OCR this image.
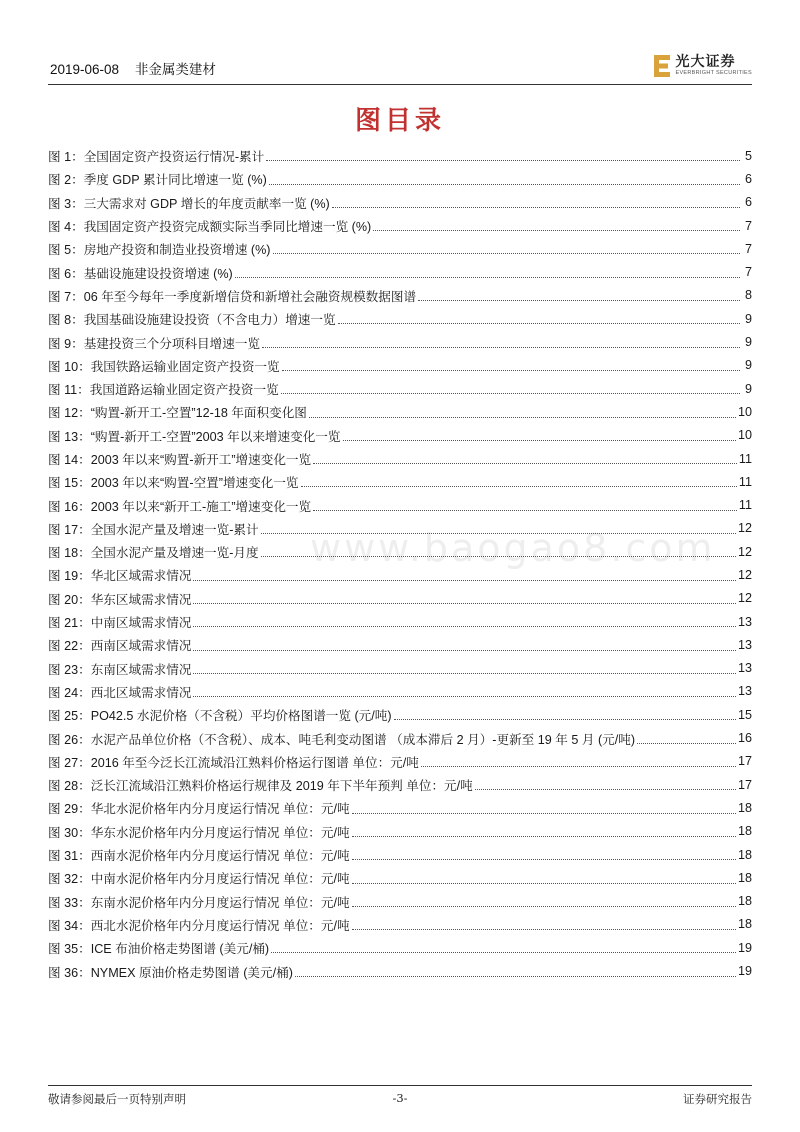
2019-06-08 非金属类建材	光大证券
EVERBRIGHT SECURITIES
图目录
www.baogao8.com
图 1：全国固定资产投资运行情况-累计	5
图 2：季度 GDP 累计同比增速一览 (%)	6
图 3：三大需求对 GDP 增长的年度贡献率一览 (%)	6
图 4：我国固定资产投资完成额实际当季同比增速一览 (%)	7
图 5：房地产投资和制造业投资增速 (%)	7
图 6：基础设施建设投资增速 (%)	7
图 7：06 年至今每年一季度新增信贷和新增社会融资规模数据图谱	8
图 8：我国基础设施建设投资（不含电力）增速一览	9
图 9：基建投资三个分项科目增速一览	9
图 10：我国铁路运输业固定资产投资一览	9
图 11：我国道路运输业固定资产投资一览	9
图 12：“购置-新开工-空置”12-18 年面积变化图	10
图 13：“购置-新开工-空置”2003 年以来增速变化一览	10
图 14：2003 年以来“购置-新开工”增速变化一览	11
图 15：2003 年以来“购置-空置”增速变化一览	11
图 16：2003 年以来“新开工-施工”增速变化一览	11
图 17：全国水泥产量及增速一览-累计	12
图 18：全国水泥产量及增速一览-月度	12
图 19：华北区域需求情况	12
图 20：华东区域需求情况	12
图 21：中南区域需求情况	13
图 22：西南区域需求情况	13
图 23：东南区域需求情况	13
图 24：西北区域需求情况	13
图 25：PO42.5 水泥价格（不含税）平均价格图谱一览 (元/吨)	15
图 26：水泥产品单位价格（不含税）、成本、吨毛利变动图谱 （成本滞后 2 月）-更新至 19 年 5 月 (元/吨)	16
图 27：2016 年至今泛长江流域沿江熟料价格运行图谱 单位：元/吨	17
图 28：泛长江流域沿江熟料价格运行规律及 2019 年下半年预判 单位：元/吨	17
图 29：华北水泥价格年内分月度运行情况 单位：元/吨	18
图 30：华东水泥价格年内分月度运行情况 单位：元/吨	18
图 31：西南水泥价格年内分月度运行情况 单位：元/吨	18
图 32：中南水泥价格年内分月度运行情况 单位：元/吨	18
图 33：东南水泥价格年内分月度运行情况 单位：元/吨	18
图 34：西北水泥价格年内分月度运行情况 单位：元/吨	18
图 35：ICE 布油价格走势图谱 (美元/桶)	19
图 36：NYMEX 原油价格走势图谱 (美元/桶)	19
敬请参阅最后一页特别声明	-3-	证券研究报告
